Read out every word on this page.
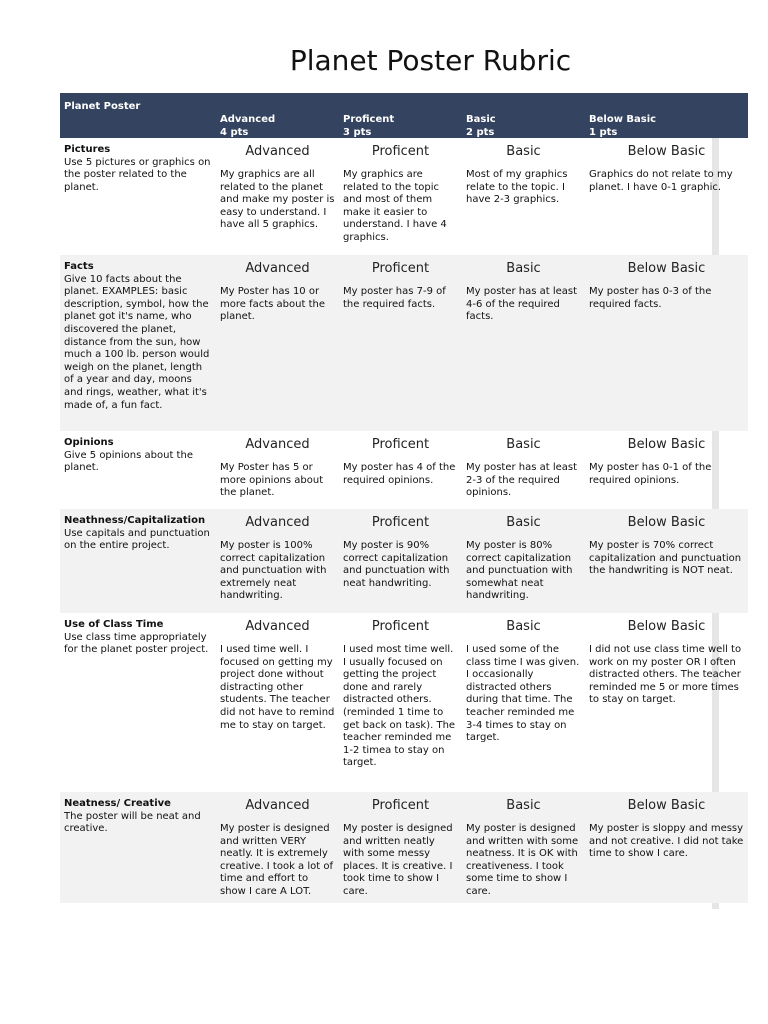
Planet Poster Rubric
Planet Poster
Advanced
4 pts
Proficent
3 pts
Basic
2 pts
Below Basic
1 pts
Pictures
Use 5 pictures or graphics on the poster related to the planet.
Advanced
My graphics are all related to the planet and make my poster is easy to understand. I have all 5 graphics.
Proficent
My graphics are related to the topic and most of them make it easier to understand. I have 4 graphics.
Basic
Most of my graphics relate to the topic. I have 2-3 graphics.
Below Basic
Graphics do not relate to my planet. I have 0-1 graphic.
Facts
Give 10 facts about the planet. EXAMPLES: basic description, symbol, how the planet got it's name, who discovered the planet, distance from the sun, how much a 100 lb. person would weigh on the planet, length of a year and day, moons and rings, weather, what it's made of, a fun fact.
Advanced
My Poster has 10 or more facts about the planet.
Proficent
My poster has 7-9 of the required facts.
Basic
My poster has at least 4-6 of the required facts.
Below Basic
My poster has 0-3 of the required facts.
Opinions
Give 5 opinions about the planet.
Advanced
My Poster has 5 or more opinions about the planet.
Proficent
My poster has 4 of the required opinions.
Basic
My poster has at least 2-3 of the required opinions.
Below Basic
My poster has 0-1 of the required opinions.
Neathness/Capitalization
Use capitals and punctuation on the entire project.
Advanced
My poster is 100% correct capitalization and punctuation with extremely neat handwriting.
Proficent
My poster is 90% correct capitalization and punctuation with neat handwriting.
Basic
My poster is 80% correct capitalization and punctuation with somewhat neat handwriting.
Below Basic
My poster is 70% correct capitalization and punctuation the handwriting is NOT neat.
Use of Class Time
Use class time appropriately for the planet poster project.
Advanced
I used time well. I focused on getting my project done without distracting other students. The teacher did not have to remind me to stay on target.
Proficent
I used most time well. I usually focused on getting the project done and rarely distracted others. (reminded 1 time to get back on task). The teacher reminded me 1-2 timea to stay on target.
Basic
I used some of the class time I was given. I occasionally distracted others during that time. The teacher reminded me 3-4 times to stay on target.
Below Basic
I did not use class time well to work on my poster OR I often distracted others. The teacher reminded me 5 or more times to stay on target.
Neatness/ Creative
The poster will be neat and creative.
Advanced
My poster is designed and written VERY neatly. It is extremely creative. I took a lot of time and effort to show I care A LOT.
Proficent
My poster is designed and written neatly with some messy places. It is creative. I took time to show I care.
Basic
My poster is designed and written with some neatness. It is OK with creativeness. I took some time to show I care.
Below Basic
My poster is sloppy and messy and not creative. I did not take time to show I care.
